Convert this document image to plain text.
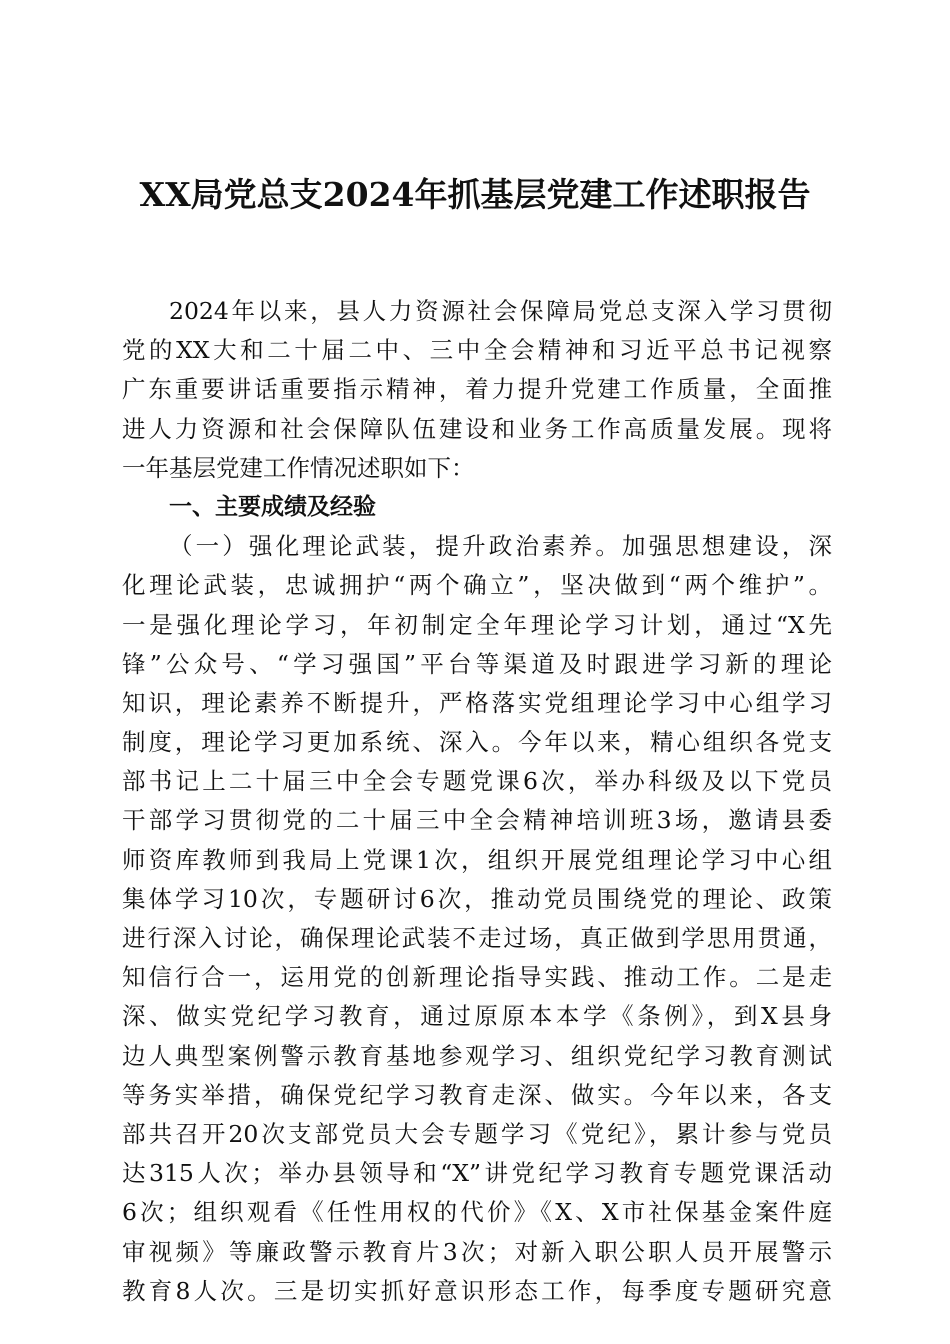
XX局党总支2024年抓基层党建工作述职报告
2024年以来，县人力资源社会保障局党总支深入学习贯彻
党的XX大和二十届二中、三中全会精神和习近平总书记视察
广东重要讲话重要指示精神，着力提升党建工作质量，全面推
进人力资源和社会保障队伍建设和业务工作高质量发展。现将
一年基层党建工作情况述职如下：
一、主要成绩及经验
（一）强化理论武装，提升政治素养。加强思想建设，深
化理论武装，忠诚拥护“两个确立”，坚决做到“两个维护”。
一是强化理论学习，年初制定全年理论学习计划，通过“X先
锋”公众号、“学习强国”平台等渠道及时跟进学习新的理论
知识，理论素养不断提升，严格落实党组理论学习中心组学习
制度，理论学习更加系统、深入。今年以来，精心组织各党支
部书记上二十届三中全会专题党课6次，举办科级及以下党员
干部学习贯彻党的二十届三中全会精神培训班3场，邀请县委
师资库教师到我局上党课1次，组织开展党组理论学习中心组
集体学习10次，专题研讨6次，推动党员围绕党的理论、政策
进行深入讨论，确保理论武装不走过场，真正做到学思用贯通，
知信行合一，运用党的创新理论指导实践、推动工作。二是走
深、做实党纪学习教育，通过原原本本学《条例》，到X县身
边人典型案例警示教育基地参观学习、组织党纪学习教育测试
等务实举措，确保党纪学习教育走深、做实。今年以来，各支
部共召开20次支部党员大会专题学习《党纪》，累计参与党员
达315人次；举办县领导和“X”讲党纪学习教育专题党课活动
6次；组织观看《任性用权的代价》《X、X市社保基金案件庭
审视频》等廉政警示教育片3次；对新入职公职人员开展警示
教育8人次。三是切实抓好意识形态工作，每季度专题研究意
